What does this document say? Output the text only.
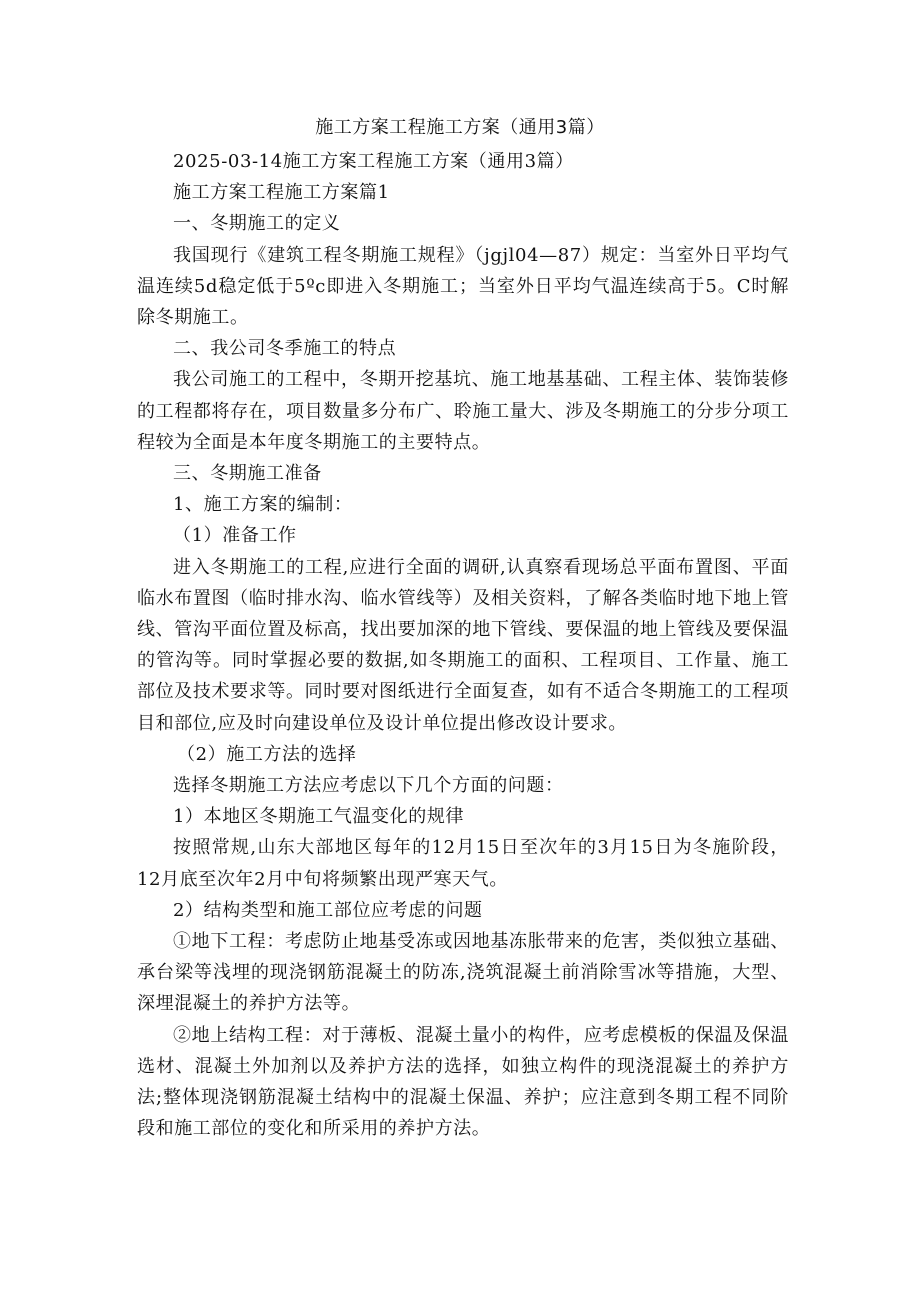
施工方案工程施工方案（通用3篇）

2025-03-14施工方案工程施工方案（通用3篇）

施工方案工程施工方案篇1

一、冬期施工的定义

我国现行《建筑工程冬期施工规程》（jgjl04—87）规定：当室外日平均气温连续5d稳定低于5ºc即进入冬期施工；当室外日平均气温连续高于5。C时解除冬期施工。

二、我公司冬季施工的特点

我公司施工的工程中，冬期开挖基坑、施工地基基础、工程主体、装饰装修的工程都将存在，项目数量多分布广、聆施工量大、涉及冬期施工的分步分项工程较为全面是本年度冬期施工的主要特点。

三、冬期施工准备

1、施工方案的编制：

（1）准备工作

进入冬期施工的工程,应进行全面的调研,认真察看现场总平面布置图、平面临水布置图（临时排水沟、临水管线等）及相关资料，了解各类临时地下地上管线、管沟平面位置及标高，找出要加深的地下管线、要保温的地上管线及要保温的管沟等。同时掌握必要的数据,如冬期施工的面积、工程项目、工作量、施工部位及技术要求等。同时要对图纸进行全面复查，如有不适合冬期施工的工程项目和部位,应及时向建设单位及设计单位提出修改设计要求。

（2）施工方法的选择

选择冬期施工方法应考虑以下几个方面的问题：

1）本地区冬期施工气温变化的规律

按照常规,山东大部地区每年的12月15日至次年的3月15日为冬施阶段，12月底至次年2月中旬将频繁出现严寒天气。

2）结构类型和施工部位应考虑的问题

①地下工程：考虑防止地基受冻或因地基冻胀带来的危害，类似独立基础、承台梁等浅埋的现浇钢筋混凝土的防冻,浇筑混凝土前消除雪冰等措施，大型、深埋混凝土的养护方法等。

②地上结构工程：对于薄板、混凝土量小的构件，应考虑模板的保温及保温选材、混凝土外加剂以及养护方法的选择，如独立构件的现浇混凝土的养护方法;整体现浇钢筋混凝土结构中的混凝土保温、养护；应注意到冬期工程不同阶段和施工部位的变化和所采用的养护方法。
